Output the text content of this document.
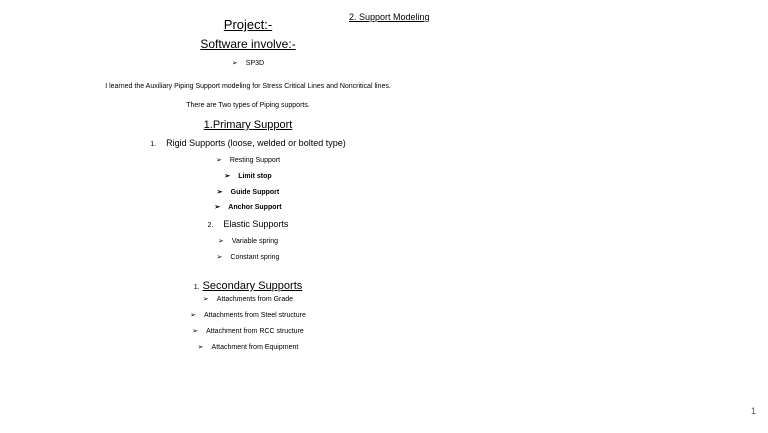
2. Support Modeling
Project:-
Software involve:-
➢ SP3D
I learned the Auxiliary Piping Support modeling for Stress Critical Lines and Noncritical lines.
There are Two types of Piping supports.
1.Primary Support
1. Rigid Supports (loose, welded or bolted type)
➢ Resting Support
➢ Limit stop
➢ Guide Support
➢ Anchor Support
2. Elastic Supports
➢ Variable spring
➢ Constant spring
1. Secondary Supports
➢ Attachments from Grade
➢ Attachments from Steel structure
➢ Attachment from RCC structure
➢ Attachment from Equipment
1
